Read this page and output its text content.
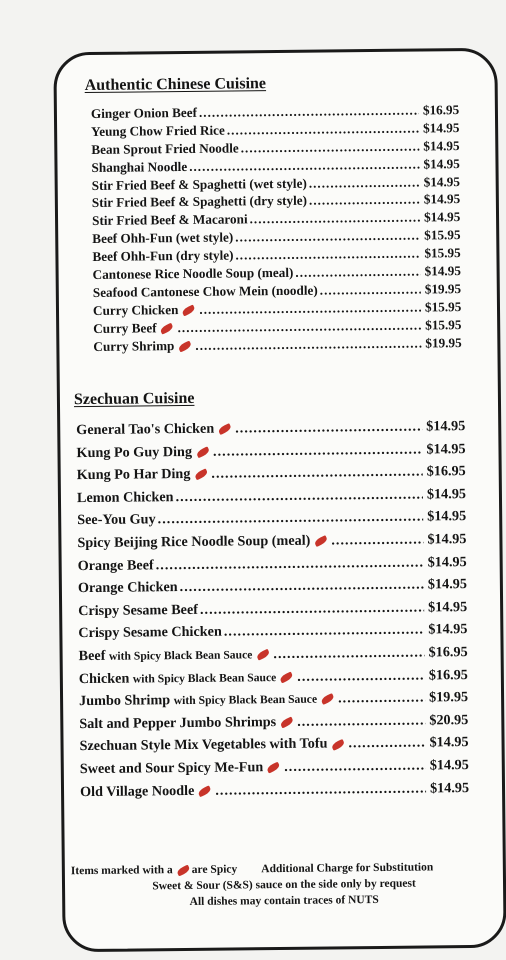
Authentic Chinese Cuisine
Ginger Onion Beef .....	$16.95
Yeung Chow Fried Rice .....	$14.95
Bean Sprout Fried Noodle .....	$14.95
Shanghai Noodle .....	$14.95
Stir Fried Beef & Spaghetti (wet style) .....	$14.95
Stir Fried Beef & Spaghetti (dry style) .....	$14.95
Stir Fried Beef & Macaroni .....	$14.95
Beef Ohh-Fun (wet style) .....	$15.95
Beef Ohh-Fun (dry style) .....	$15.95
Cantonese Rice Noodle Soup (meal) .....	$14.95
Seafood Cantonese Chow Mein (noodle) .....	$19.95
Curry Chicken .....	$15.95
Curry Beef .....	$15.95
Curry Shrimp .....	$19.95
Szechuan Cuisine
General Tao's Chicken .....	$14.95
Kung Po Guy Ding .....	$14.95
Kung Po Har Ding .....	$16.95
Lemon Chicken .....	$14.95
See-You Guy .....	$14.95
Spicy Beijing Rice Noodle Soup (meal) .....	$14.95
Orange Beef .....	$14.95
Orange Chicken .....	$14.95
Crispy Sesame Beef .....	$14.95
Crispy Sesame Chicken .....	$14.95
Beef with Spicy Black Bean Sauce .....	$16.95
Chicken with Spicy Black Bean Sauce .....	$16.95
Jumbo Shrimp with Spicy Black Bean Sauce .....	$19.95
Salt and Pepper Jumbo Shrimps .....	$20.95
Szechuan Style Mix Vegetables with Tofu .....	$14.95
Sweet and Sour Spicy Me-Fun .....	$14.95
Old Village Noodle .....	$14.95
Items marked with a are Spicy Additional Charge for Substitution
Sweet & Sour (S&S) sauce on the side only by request
All dishes may contain traces of NUTS
